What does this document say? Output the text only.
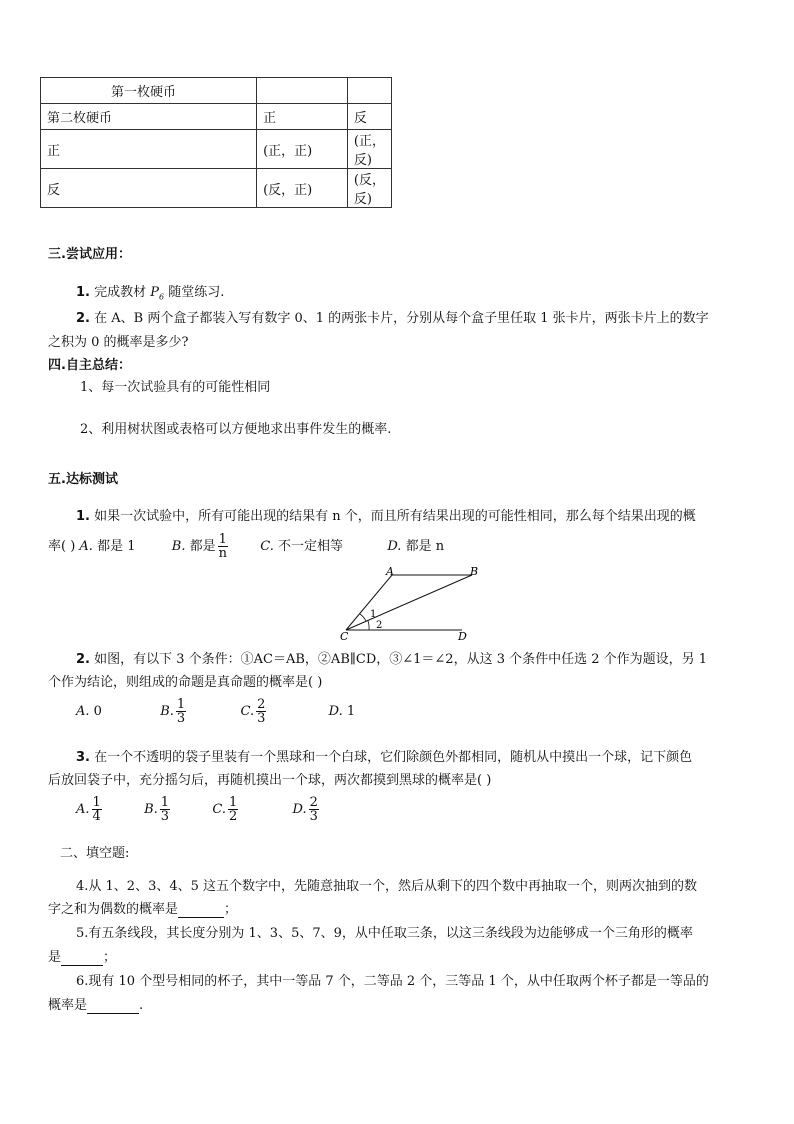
第一枚硬币		
第二枚硬币	正	反
正	(正，正)	(正，反)
反	(反，正)	(反，反)
三.尝试应用：
1. 完成教材 $P_6$ 随堂练习.
2. 在 A、B 两个盒子都装入写有数字 0、1 的两张卡片，分别从每个盒子里任取 1 张卡片，两张卡片上的数字
之积为 0 的概率是多少?
四.自主总结：
1、每一次试验具有的可能性相同
2、利用树状图或表格可以方便地求出事件发生的概率.
五.达标测试
1. 如果一次试验中，所有可能出现的结果有 n 个，而且所有结果出现的可能性相同，那么每个结果出现的概
率( ) A. 都是 1	B. 都是 $\frac{1}{n} C$. 不一定相等	D. 都是 n
A	B
C	D
1
2
2. 如图，有以下 3 个条件：①AC＝AB，②AB∥CD，③∠1＝∠2，从这 3 个条件中任选 2 个作为题设，另 1
个作为结论，则组成的命题是真命题的概率是( )
A. 0	B. $\frac{1}{3}$	C. $\frac{2}{3}$	D. 1
3. 在一个不透明的袋子里装有一个黑球和一个白球，它们除颜色外都相同，随机从中摸出一个球，记下颜色
后放回袋子中，充分摇匀后，再随机摸出一个球，两次都摸到黑球的概率是( )
A. $\frac{1}{4}$	B. $\frac{1}{3}$	C. $\frac{1}{2}$	D. $\frac{2}{3}$
二、填空题:
4.从 1、2、3、4、5 这五个数字中，先随意抽取一个，然后从剩下的四个数中再抽取一个，则两次抽到的数
字之和为偶数的概率是	；
5.有五条线段，其长度分别为 1、3、5、7、9，从中任取三条，以这三条线段为边能够成一个三角形的概率
是	；
6.现有 10 个型号相同的杯子，其中一等品 7 个，二等品 2 个，三等品 1 个，从中任取两个杯子都是一等品的
概率是	.
